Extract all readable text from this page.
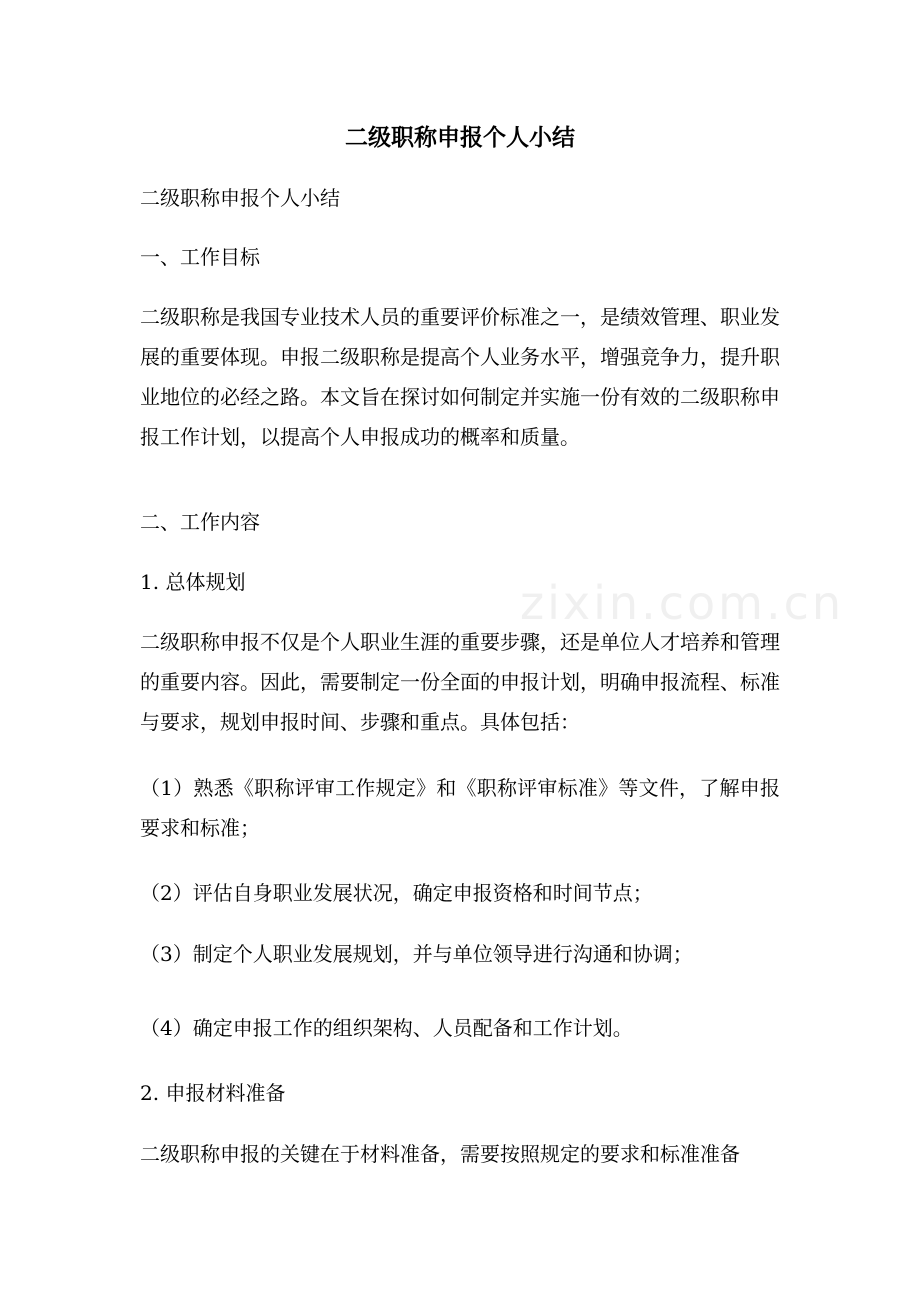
二级职称申报个人小结

二级职称申报个人小结

一、工作目标

二级职称是我国专业技术人员的重要评价标准之一，是绩效管理、职业发展的重要体现。申报二级职称是提高个人业务水平，增强竞争力，提升职业地位的必经之路。本文旨在探讨如何制定并实施一份有效的二级职称申报工作计划，以提高个人申报成功的概率和质量。

二、工作内容

1. 总体规划

二级职称申报不仅是个人职业生涯的重要步骤，还是单位人才培养和管理的重要内容。因此，需要制定一份全面的申报计划，明确申报流程、标准与要求，规划申报时间、步骤和重点。具体包括：

（1）熟悉《职称评审工作规定》和《职称评审标准》等文件，了解申报要求和标准；

（2）评估自身职业发展状况，确定申报资格和时间节点；

（3）制定个人职业发展规划，并与单位领导进行沟通和协调；

（4）确定申报工作的组织架构、人员配备和工作计划。

2. 申报材料准备

二级职称申报的关键在于材料准备，需要按照规定的要求和标准准备

zixin.com.cn
